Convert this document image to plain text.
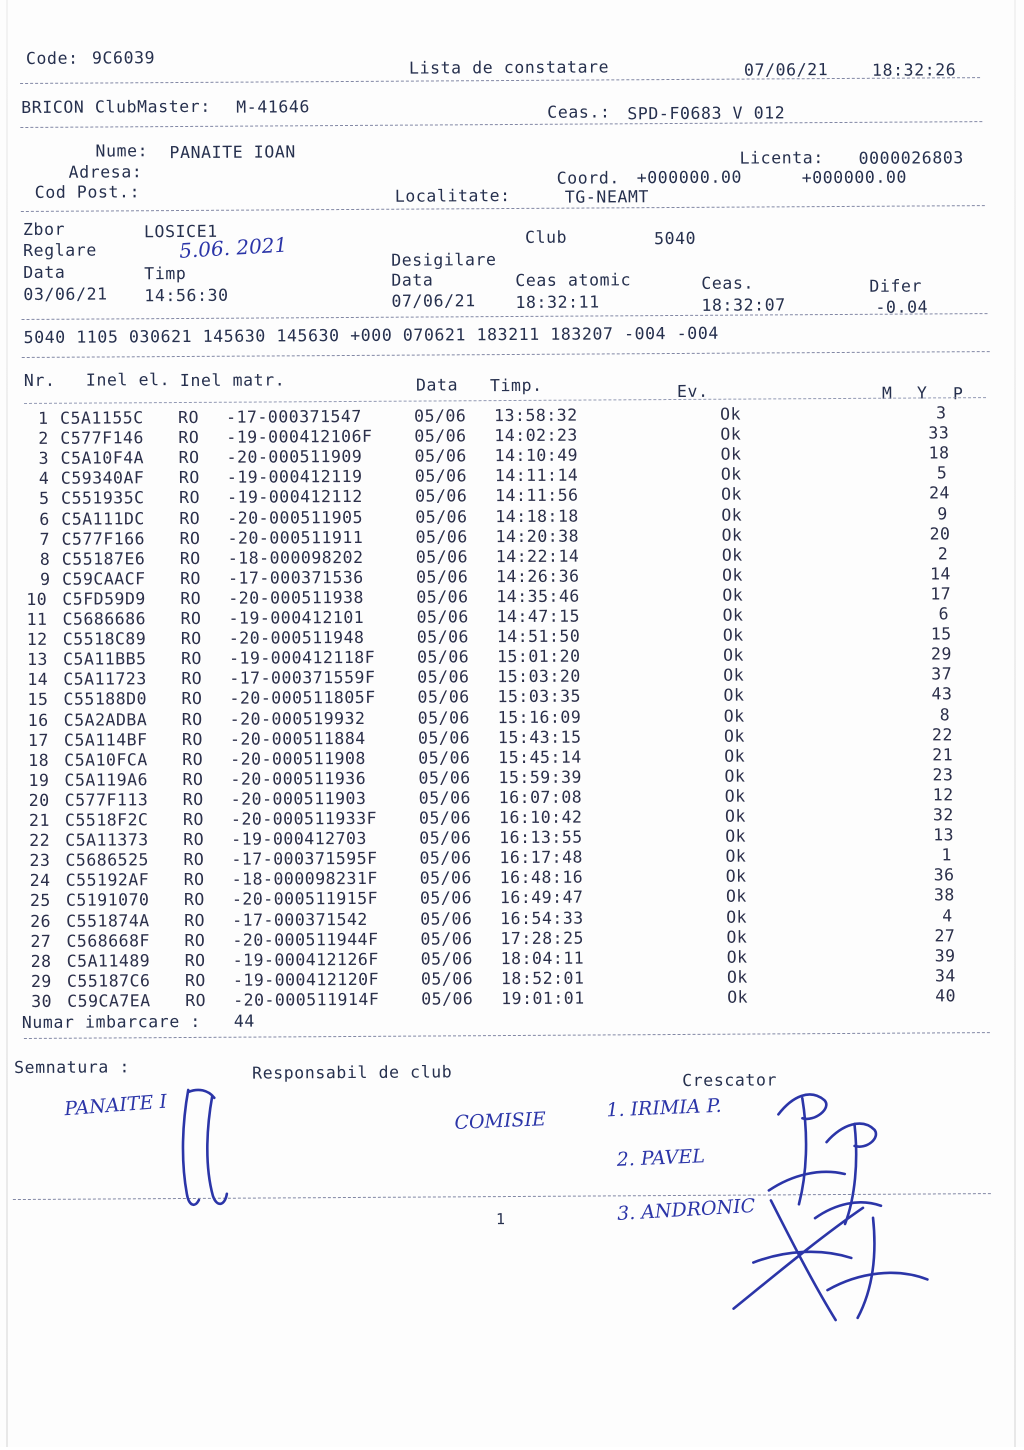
Code: 9C6039	Lista de constatare	07/06/21	18:32:26
BRICON ClubMaster: M-41646	Ceas.: SPD-F0683 V 012
Nume: PANAITE IOAN	Licenta: 0000026803
Adresa:	Coord. +000000.00	+000000.00
Cod Post.:	Localitate:	TG-NEAMT
Zbor	LOSICE1	Club	5040
Reglare	Desigilare
Data	Timp	Data	Ceas atomic	Ceas.	Difer
03/06/21 14:56:30	07/06/21 18:32:11	18:32:07	-0.04
5.06. 2021
5040 1105 030621 145630 145630 +000 070621 183211 183207 -004 -004
Nr. Inel el. Inel matr.	Data Timp.	Ev.	M Y P
1 C5A1155C RO -17-000371547	05/06 13:58:32	Ok	3
2 C577F146 RO -19-000412106F	05/06 14:02:23	Ok	33
3 C5A10F4A RO -20-000511909	05/06 14:10:49	Ok	18
4 C59340AF RO -19-000412119	05/06 14:11:14	Ok	5
5 C551935C RO -19-000412112	05/06 14:11:56	Ok	24
6 C5A111DC RO -20-000511905	05/06 14:18:18	Ok	9
7 C577F166 RO -20-000511911	05/06 14:20:38	Ok	20
8 C55187E6 RO -18-000098202	05/06 14:22:14	Ok	2
9 C59CAACF RO -17-000371536	05/06 14:26:36	Ok	14
10 C5FD59D9 RO -20-000511938	05/06 14:35:46	Ok	17
11 C5686686 RO -19-000412101	05/06 14:47:15	Ok	6
12 C5518C89 RO -20-000511948	05/06 14:51:50	Ok	15
13 C5A11BB5 RO -19-000412118F	05/06 15:01:20	Ok	29
14 C5A11723 RO -17-000371559F	05/06 15:03:20	Ok	37
15 C55188D0 RO -20-000511805F	05/06 15:03:35	Ok	43
16 C5A2ADBA RO -20-000519932	05/06 15:16:09	Ok	8
17 C5A114BF RO -20-000511884	05/06 15:43:15	Ok	22
18 C5A10FCA RO -20-000511908	05/06 15:45:14	Ok	21
19 C5A119A6 RO -20-000511936	05/06 15:59:39	Ok	23
20 C577F113 RO -20-000511903	05/06 16:07:08	Ok	12
21 C5518F2C RO -20-000511933F	05/06 16:10:42	Ok	32
22 C5A11373 RO -19-000412703	05/06 16:13:55	Ok	13
23 C5686525 RO -17-000371595F	05/06 16:17:48	Ok	1
24 C55192AF RO -18-000098231F	05/06 16:48:16	Ok	36
25 C5191070 RO -20-000511915F	05/06 16:49:47	Ok	38
26 C551874A RO -17-000371542	05/06 16:54:33	Ok	4
27 C568668F RO -20-000511944F	05/06 17:28:25	Ok	27
28 C5A11489 RO -19-000412126F	05/06 18:04:11	Ok	39
29 C55187C6 RO -19-000412120F	05/06 18:52:01	Ok	34
30 C59CA7EA RO -20-000511914F	05/06 19:01:01	Ok	40
Numar imbarcare : 44
Semnatura :	Responsabil de club	Crescator
1
PANAITE I
COMISIE	1. IRIMIA P.
2. PAVEL
3. ANDRONIC
